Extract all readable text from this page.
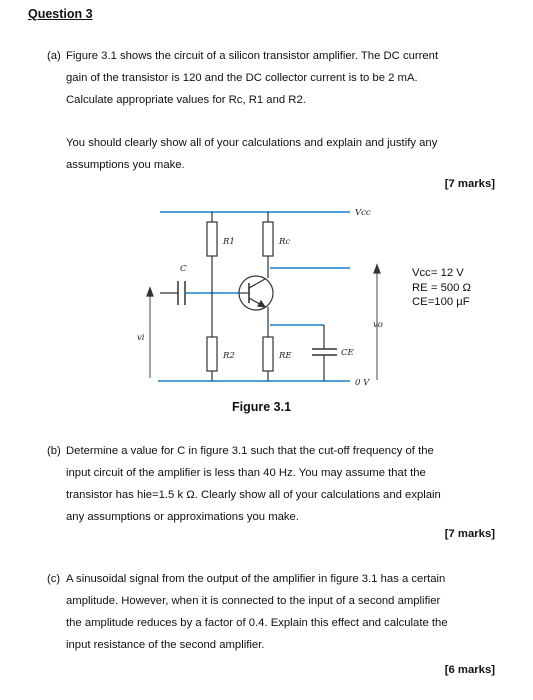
Question 3
(a) Figure 3.1 shows the circuit of a silicon transistor amplifier. The DC current
gain of the transistor is 120 and the DC collector current is to be 2 mA.
Calculate appropriate values for Rc, R1 and R2.
You should clearly show all of your calculations and explain and justify any
assumptions you make.
[7 marks]
Vcc
R1	Rc
C
vi
vo
R2	RE	CE
0 V
Vcc= 12 V
RE = 500 Ω
CE=100 µF
Figure 3.1
(b) Determine a value for C in figure 3.1 such that the cut-off frequency of the
input circuit of the amplifier is less than 40 Hz. You may assume that the
transistor has hie=1.5 k Ω. Clearly show all of your calculations and explain
any assumptions or approximations you make.
[7 marks]
(c) A sinusoidal signal from the output of the amplifier in figure 3.1 has a certain
amplitude. However, when it is connected to the input of a second amplifier
the amplitude reduces by a factor of 0.4. Explain this effect and calculate the
input resistance of the second amplifier.
[6 marks]
